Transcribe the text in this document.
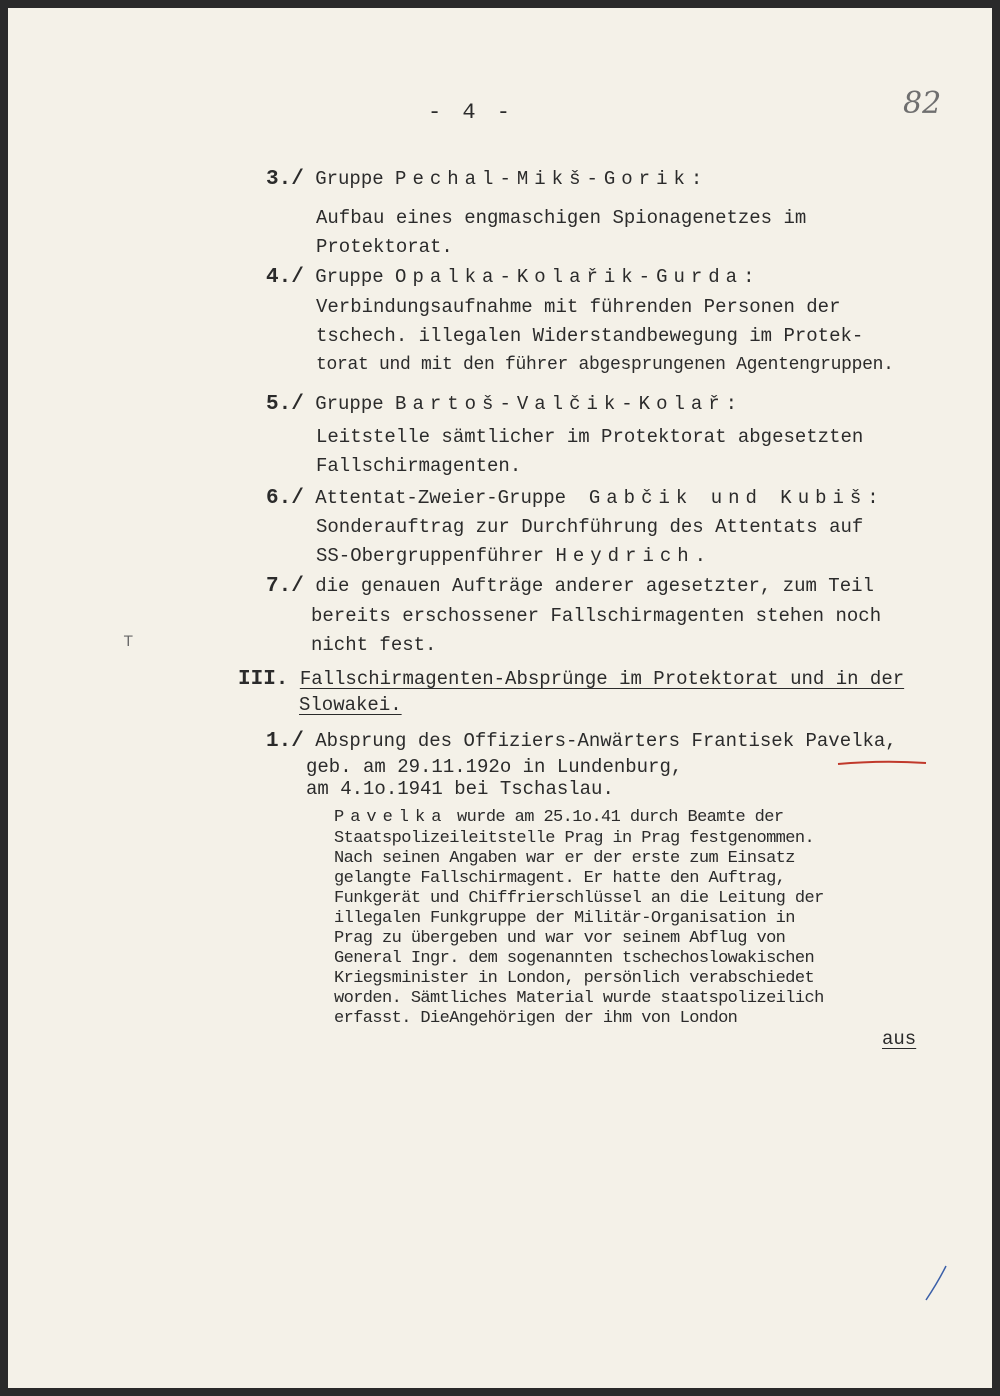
- 4 -	82
3./ Gruppe Pechal-Mikš-Gorik:
Aufbau eines engmaschigen Spionagenetzes im
Protektorat.
4./ Gruppe Opalka-Kolařik-Gurda:
Verbindungsaufnahme mit führenden Personen der
tschech. illegalen Widerstandbewegung im Protek-
torat und mit den führer abgesprungenen Agentengruppen.
5./ Gruppe Bartoš-Valčik-Kolař:
Leitstelle sämtlicher im Protektorat abgesetzten
Fallschirmagenten.
6./ Attentat-Zweier-Gruppe Gabčik und Kubiš:
Sonderauftrag zur Durchführung des Attentats auf
SS-Obergruppenführer Heydrich.
7./ die genauen Aufträge anderer agesetzter, zum Teil
bereits erschossener Fallschirmagenten stehen noch
nicht fest.
T
III. Fallschirmagenten-Absprünge im Protektorat und in der
Slowakei.
1./ Absprung des Offiziers-Anwärters Frantisek Pavelka,
geb. am 29.11.192o in Lundenburg,
am 4.1o.1941 bei Tschaslau.
Pavelka wurde am 25.1o.41 durch Beamte der
Staatspolizeileitstelle Prag in Prag festgenommen.
Nach seinen Angaben war er der erste zum Einsatz
gelangte Fallschirmagent. Er hatte den Auftrag,
Funkgerät und Chiffrierschlüssel an die Leitung der
illegalen Funkgruppe der Militär-Organisation in
Prag zu übergeben und war vor seinem Abflug von
General Ingr. dem sogenannten tschechoslowakischen
Kriegsminister in London, persönlich verabschiedet
worden. Sämtliches Material wurde staatspolizeilich
erfasst. DieAngehörigen der ihm von London
aus
